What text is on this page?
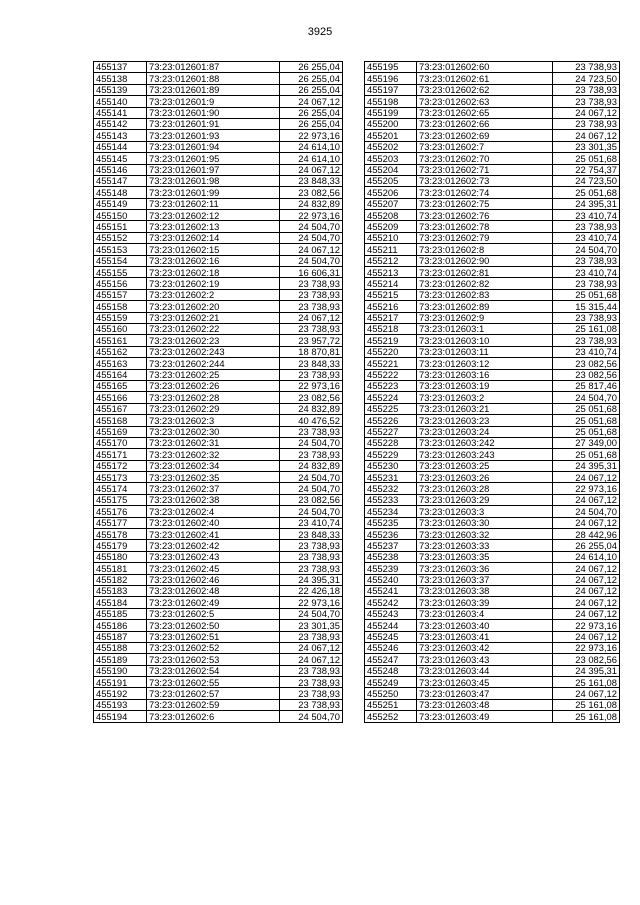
3925
455137	73:23:012601:87	26 255,04
455138	73:23:012601:88	26 255,04
455139	73:23:012601:89	26 255,04
455140	73:23:012601:9	24 067,12
455141	73:23:012601:90	26 255,04
455142	73:23:012601:91	26 255,04
455143	73:23:012601:93	22 973,16
455144	73:23:012601:94	24 614,10
455145	73:23:012601:95	24 614,10
455146	73:23:012601:97	24 067,12
455147	73:23:012601:98	23 848,33
455148	73:23:012601:99	23 082,56
455149	73:23:012602:11	24 832,89
455150	73:23:012602:12	22 973,16
455151	73:23:012602:13	24 504,70
455152	73:23:012602:14	24 504,70
455153	73:23:012602:15	24 067,12
455154	73:23:012602:16	24 504,70
455155	73:23:012602:18	16 606,31
455156	73:23:012602:19	23 738,93
455157	73:23:012602:2	23 738,93
455158	73:23:012602:20	23 738,93
455159	73:23:012602:21	24 067,12
455160	73:23:012602:22	23 738,93
455161	73:23:012602:23	23 957,72
455162	73:23:012602:243	18 870,81
455163	73:23:012602:244	23 848,33
455164	73:23:012602:25	23 738,93
455165	73:23:012602:26	22 973,16
455166	73:23:012602:28	23 082,56
455167	73:23:012602:29	24 832,89
455168	73:23:012602:3	40 476,52
455169	73:23:012602:30	23 738,93
455170	73:23:012602:31	24 504,70
455171	73:23:012602:32	23 738,93
455172	73:23:012602:34	24 832,89
455173	73:23:012602:35	24 504,70
455174	73:23:012602:37	24 504,70
455175	73:23:012602:38	23 082,56
455176	73:23:012602:4	24 504,70
455177	73:23:012602:40	23 410,74
455178	73:23:012602:41	23 848,33
455179	73:23:012602:42	23 738,93
455180	73:23:012602:43	23 738,93
455181	73:23:012602:45	23 738,93
455182	73:23:012602:46	24 395,31
455183	73:23:012602:48	22 426,18
455184	73:23:012602:49	22 973,16
455185	73:23:012602:5	24 504,70
455186	73:23:012602:50	23 301,35
455187	73:23:012602:51	23 738,93
455188	73:23:012602:52	24 067,12
455189	73:23:012602:53	24 067,12
455190	73:23:012602:54	23 738,93
455191	73:23:012602:55	23 738,93
455192	73:23:012602:57	23 738,93
455193	73:23:012602:59	23 738,93
455194	73:23:012602:6	24 504,70
455195	73:23:012602:60	23 738,93
455196	73:23:012602:61	24 723,50
455197	73:23:012602:62	23 738,93
455198	73:23:012602:63	23 738,93
455199	73:23:012602:65	24 067,12
455200	73:23:012602:66	23 738,93
455201	73:23:012602:69	24 067,12
455202	73:23:012602:7	23 301,35
455203	73:23:012602:70	25 051,68
455204	73:23:012602:71	22 754,37
455205	73:23:012602:73	24 723,50
455206	73:23:012602:74	25 051,68
455207	73:23:012602:75	24 395,31
455208	73:23:012602:76	23 410,74
455209	73:23:012602:78	23 738,93
455210	73:23:012602:79	23 410,74
455211	73:23:012602:8	24 504,70
455212	73:23:012602:90	23 738,93
455213	73:23:012602:81	23 410,74
455214	73:23:012602:82	23 738,93
455215	73:23:012602:83	25 051,68
455216	73:23:012602:89	15 315,44
455217	73:23:012602:9	23 738,93
455218	73:23:012603:1	25 161,08
455219	73:23:012603:10	23 738,93
455220	73:23:012603:11	23 410,74
455221	73:23:012603:12	23 082,56
455222	73:23:012603:16	23 082,56
455223	73:23:012603:19	25 817,46
455224	73:23:012603:2	24 504,70
455225	73:23:012603:21	25 051,68
455226	73:23:012603:23	25 051,68
455227	73:23:012603:24	25 051,68
455228	73:23:012603:242	27 349,00
455229	73:23:012603:243	25 051,68
455230	73:23:012603:25	24 395,31
455231	73:23:012603:26	24 067,12
455232	73:23:012603:28	22 973,16
455233	73:23:012603:29	24 067,12
455234	73:23:012603:3	24 504,70
455235	73:23:012603:30	24 067,12
455236	73:23:012603:32	28 442,96
455237	73:23:012603:33	26 255,04
455238	73:23:012603:35	24 614,10
455239	73:23:012603:36	24 067,12
455240	73:23:012603:37	24 067,12
455241	73:23:012603:38	24 067,12
455242	73:23:012603:39	24 067,12
455243	73:23:012603:4	24 067,12
455244	73:23:012603:40	22 973,16
455245	73:23:012603:41	24 067,12
455246	73:23:012603:42	22 973,16
455247	73:23:012603:43	23 082,56
455248	73:23:012603:44	24 395,31
455249	73:23:012603:45	25 161,08
455250	73:23:012603:47	24 067,12
455251	73:23:012603:48	25 161,08
455252	73:23:012603:49	25 161,08
